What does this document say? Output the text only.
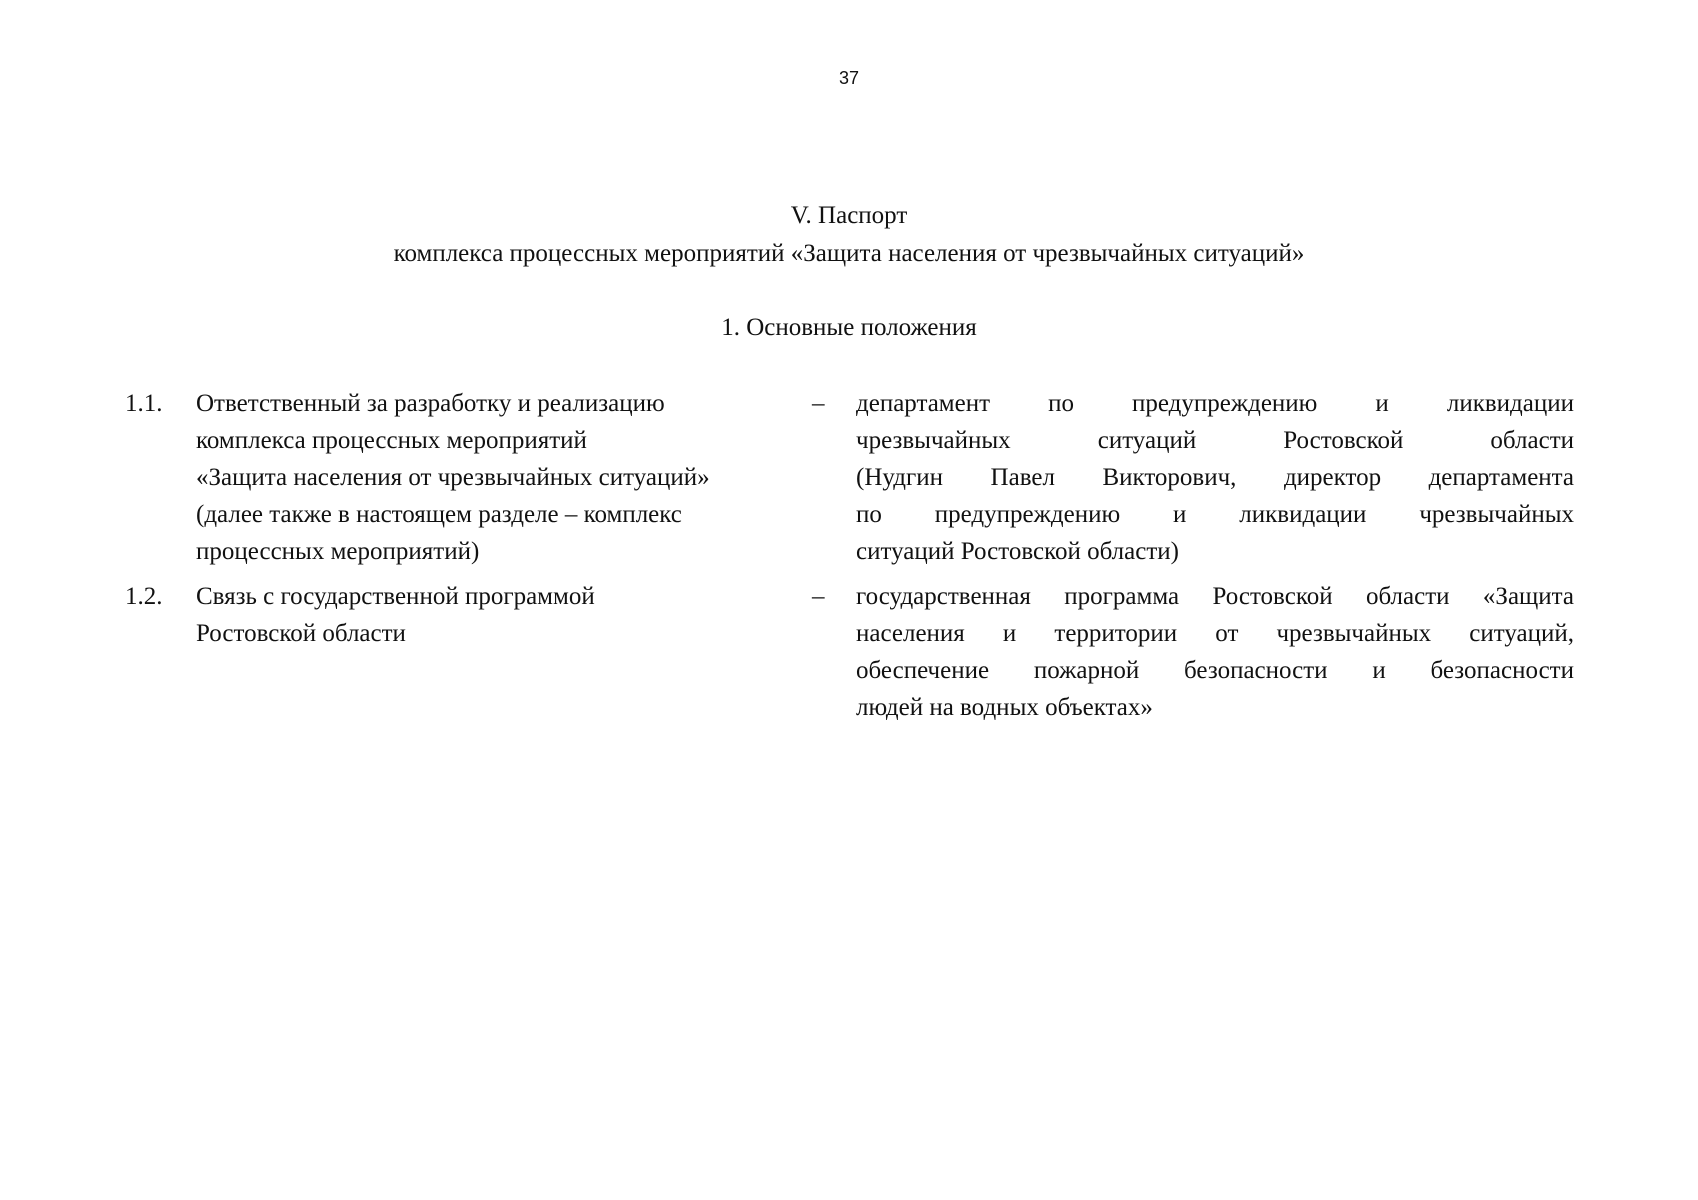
37
V. Паспорт
комплекса процессных мероприятий «Защита населения от чрезвычайных ситуаций»
1. Основные положения
1.1. Ответственный за разработку и реализацию
комплекса процессных мероприятий
«Защита населения от чрезвычайных ситуаций»
(далее также в настоящем разделе – комплекс
процессных мероприятий)
– департамент по предупреждению и ликвидации
чрезвычайных ситуаций Ростовской области
(Нудгин Павел Викторович, директор департамента
по предупреждению и ликвидации чрезвычайных
ситуаций Ростовской области)
1.2. Связь с государственной программой
Ростовской области
– государственная программа Ростовской области «Защита
населения и территории от чрезвычайных ситуаций,
обеспечение пожарной безопасности и безопасности
людей на водных объектах»
